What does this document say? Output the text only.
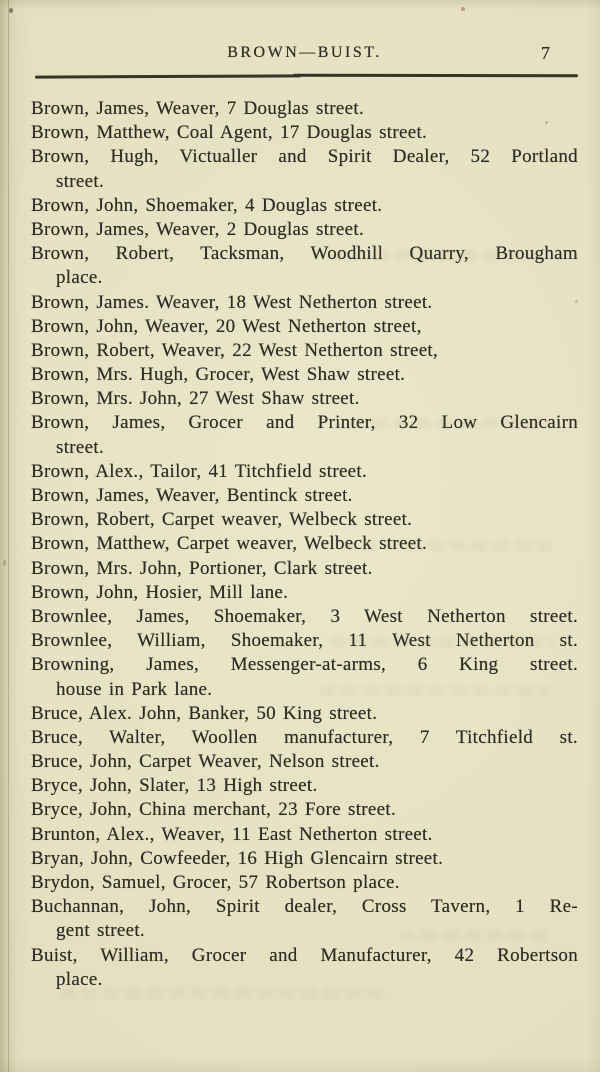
BROWN—BUIST.	7
Brown, James, Weaver, 7 Douglas street.
Brown, Matthew, Coal Agent, 17 Douglas street.
Brown, Hugh, Victualler and Spirit Dealer, 52 Portland
street.
Brown, John, Shoemaker, 4 Douglas street.
Brown, James, Weaver, 2 Douglas street.
Brown, Robert, Tacksman, Woodhill Quarry, Brougham
place.
Brown, James. Weaver, 18 West Netherton street.
Brown, John, Weaver, 20 West Netherton street,
Brown, Robert, Weaver, 22 West Netherton street,
Brown, Mrs. Hugh, Grocer, West Shaw street.
Brown, Mrs. John, 27 West Shaw street.
Brown, James, Grocer and Printer, 32 Low Glencairn
street.
Brown, Alex., Tailor, 41 Titchfield street.
Brown, James, Weaver, Bentinck street.
Brown, Robert, Carpet weaver, Welbeck street.
Brown, Matthew, Carpet weaver, Welbeck street.
Brown, Mrs. John, Portioner, Clark street.
Brown, John, Hosier, Mill lane.
Brownlee, James, Shoemaker, 3 West Netherton street.
Brownlee, William, Shoemaker, 11 West Netherton st.
Browning, James, Messenger-at-arms, 6 King street.
house in Park lane.
Bruce, Alex. John, Banker, 50 King street.
Bruce, Walter, Woollen manufacturer, 7 Titchfield st.
Bruce, John, Carpet Weaver, Nelson street.
Bryce, John, Slater, 13 High street.
Bryce, John, China merchant, 23 Fore street.
Brunton, Alex., Weaver, 11 East Netherton street.
Bryan, John, Cowfeeder, 16 High Glencairn street.
Brydon, Samuel, Grocer, 57 Robertson place.
Buchannan, John, Spirit dealer, Cross Tavern, 1 Re-
gent street.
Buist, William, Grocer and Manufacturer, 42 Robertson
place.
